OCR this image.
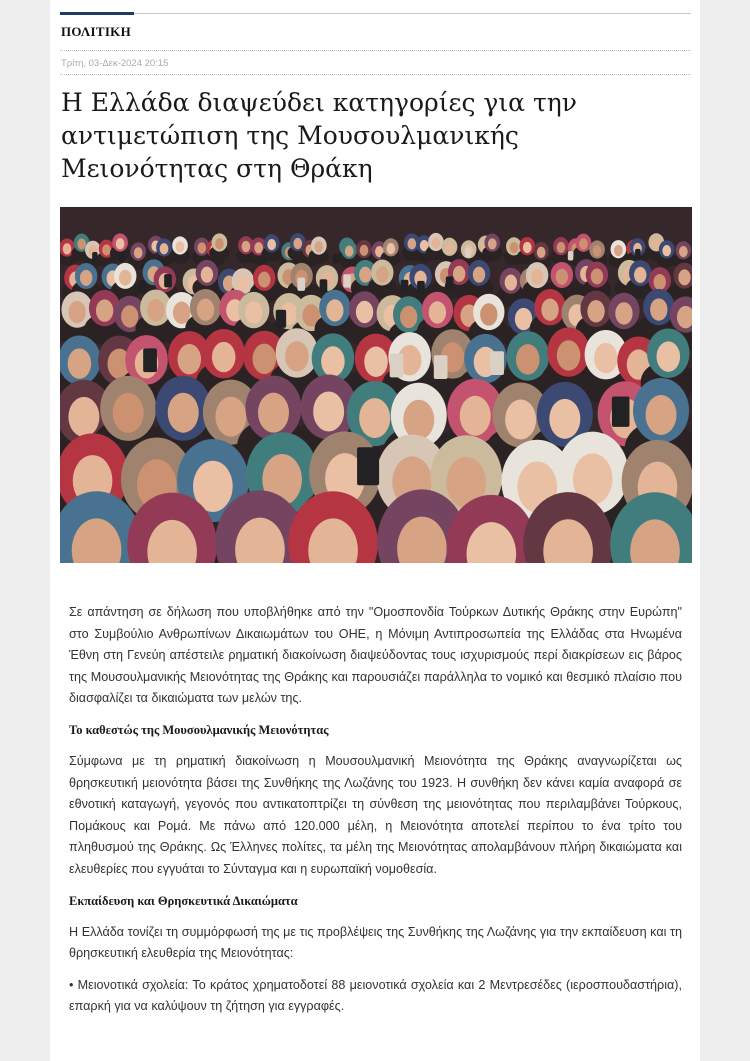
ΠΟΛΙΤΙΚΗ
Τρίτη, 03-Δεκ-2024 20:15
Η Ελλάδα διαψεύδει κατηγορίες για την αντιμετώπιση της Μουσουλμανικής Μειονότητας στη Θράκη

Σε απάντηση σε δήλωση που υποβλήθηκε από την "Ομοσπονδία Τούρκων Δυτικής Θράκης στην Ευρώπη" στο Συμβούλιο Ανθρωπίνων Δικαιωμάτων του ΟΗΕ, η Μόνιμη Αντιπροσωπεία της Ελλάδας στα Ηνωμένα Έθνη στη Γενεύη απέστειλε ρηματική διακοίνωση διαψεύδοντας τους ισχυρισμούς περί διακρίσεων εις βάρος της Μουσουλμανικής Μειονότητας της Θράκης και παρουσιάζει παράλληλα το νομικό και θεσμικό πλαίσιο που διασφαλίζει τα δικαιώματα των μελών της.

Το καθεστώς της Μουσουλμανικής Μειονότητας

Σύμφωνα με τη ρηματική διακοίνωση η Μουσουλμανική Μειονότητα της Θράκης αναγνωρίζεται ως θρησκευτική μειονότητα βάσει της Συνθήκης της Λωζάνης του 1923. Η συνθήκη δεν κάνει καμία αναφορά σε εθνοτική καταγωγή, γεγονός που αντικατοπτρίζει τη σύνθεση της μειονότητας που περιλαμβάνει Τούρκους, Πομάκους και Ρομά. Με πάνω από 120.000 μέλη, η Μειονότητα αποτελεί περίπου το ένα τρίτο του πληθυσμού της Θράκης. Ως Έλληνες πολίτες, τα μέλη της Μειονότητας απολαμβάνουν πλήρη δικαιώματα και ελευθερίες που εγγυάται το Σύνταγμα και η ευρωπαϊκή νομοθεσία.

Εκπαίδευση και Θρησκευτικά Δικαιώματα

Η Ελλάδα τονίζει τη συμμόρφωσή της με τις προβλέψεις της Συνθήκης της Λωζάνης για την εκπαίδευση και τη θρησκευτική ελευθερία της Μειονότητας:

• Μειονοτικά σχολεία: Το κράτος χρηματοδοτεί 88 μειονοτικά σχολεία και 2 Μεντρεσέδες (ιεροσπουδαστήρια), επαρκή για να καλύψουν τη ζήτηση για εγγραφές.
